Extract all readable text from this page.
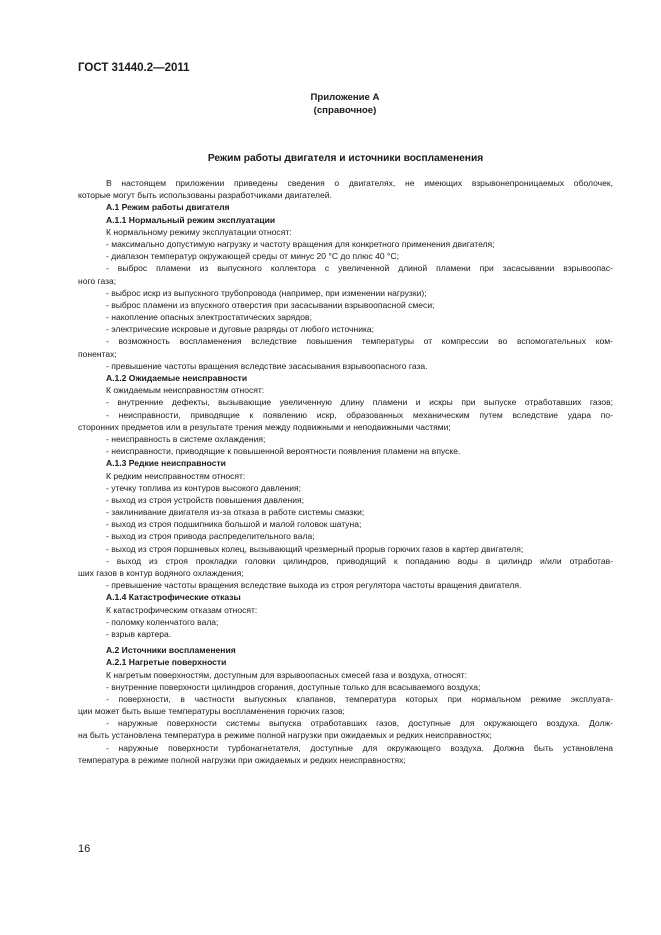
ГОСТ 31440.2—2011
Приложение А
(справочное)
Режим работы двигателя и источники воспламенения
В настоящем приложении приведены сведения о двигателях, не имеющих взрывонепроницаемых оболочек,
которые могут быть использованы разработчиками двигателей.
А.1 Режим работы двигателя
А.1.1 Нормальный режим эксплуатации
К нормальному режиму эксплуатации относят:
- максимально допустимую нагрузку и частоту вращения для конкретного применения двигателя;
- диапазон температур окружающей среды от минус 20 °С до плюс 40 °С;
- выброс пламени из выпускного коллектора с увеличенной длиной пламени при засасывании взрывоопас-
ного газа;
- выброс искр из выпускного трубопровода (например, при изменении нагрузки);
- выброс пламени из впускного отверстия при засасывании взрывоопасной смеси;
- накопление опасных электростатических зарядов;
- электрические искровые и дуговые разряды от любого источника;
- возможность воспламенения вследствие повышения температуры от компрессии во вспомогательных ком-
понентах;
- превышение частоты вращения вследствие засасывания взрывоопасного газа.
А.1.2 Ожидаемые неисправности
К ожидаемым неисправностям относят:
- внутренние дефекты, вызывающие увеличенную длину пламени и искры при выпуске отработавших газов;
- неисправности, приводящие к появлению искр, образованных механическим путем вследствие удара по-
сторонних предметов или в результате трения между подвижными и неподвижными частями;
- неисправность в системе охлаждения;
- неисправности, приводящие к повышенной вероятности появления пламени на впуске.
А.1.3 Редкие неисправности
К редким неисправностям относят:
- утечку топлива из контуров высокого давления;
- выход из строя устройств повышения давления;
- заклинивание двигателя из-за отказа в работе системы смазки;
- выход из строя подшипника большой и малой головок шатуна;
- выход из строя привода распределительного вала;
- выход из строя поршневых колец, вызывающий чрезмерный прорыв горючих газов в картер двигателя;
- выход из строя прокладки головки цилиндров, приводящий к попаданию воды в цилиндр и/или отработав-
ших газов в контур водяного охлаждения;
- превышение частоты вращения вследствие выхода из строя регулятора частоты вращения двигателя.
А.1.4 Катастрофические отказы
К катастрофическим отказам относят:
- поломку коленчатого вала;
- взрыв картера.
А.2 Источники воспламенения
А.2.1 Нагретые поверхности
К нагретым поверхностям, доступным для взрывоопасных смесей газа и воздуха, относят:
- внутренние поверхности цилиндров сгорания, доступные только для всасываемого воздуха;
- поверхности, в частности выпускных клапанов, температура которых при нормальном режиме эксплуата-
ции может быть выше температуры воспламенения горючих газов;
- наружные поверхности системы выпуска отработавших газов, доступные для окружающего воздуха. Долж-
на быть установлена температура в режиме полной нагрузки при ожидаемых и редких неисправностях;
- наружные поверхности турбонагнетателя, доступные для окружающего воздуха. Должна быть установлена
температура в режиме полной нагрузки при ожидаемых и редких неисправностях;
16
